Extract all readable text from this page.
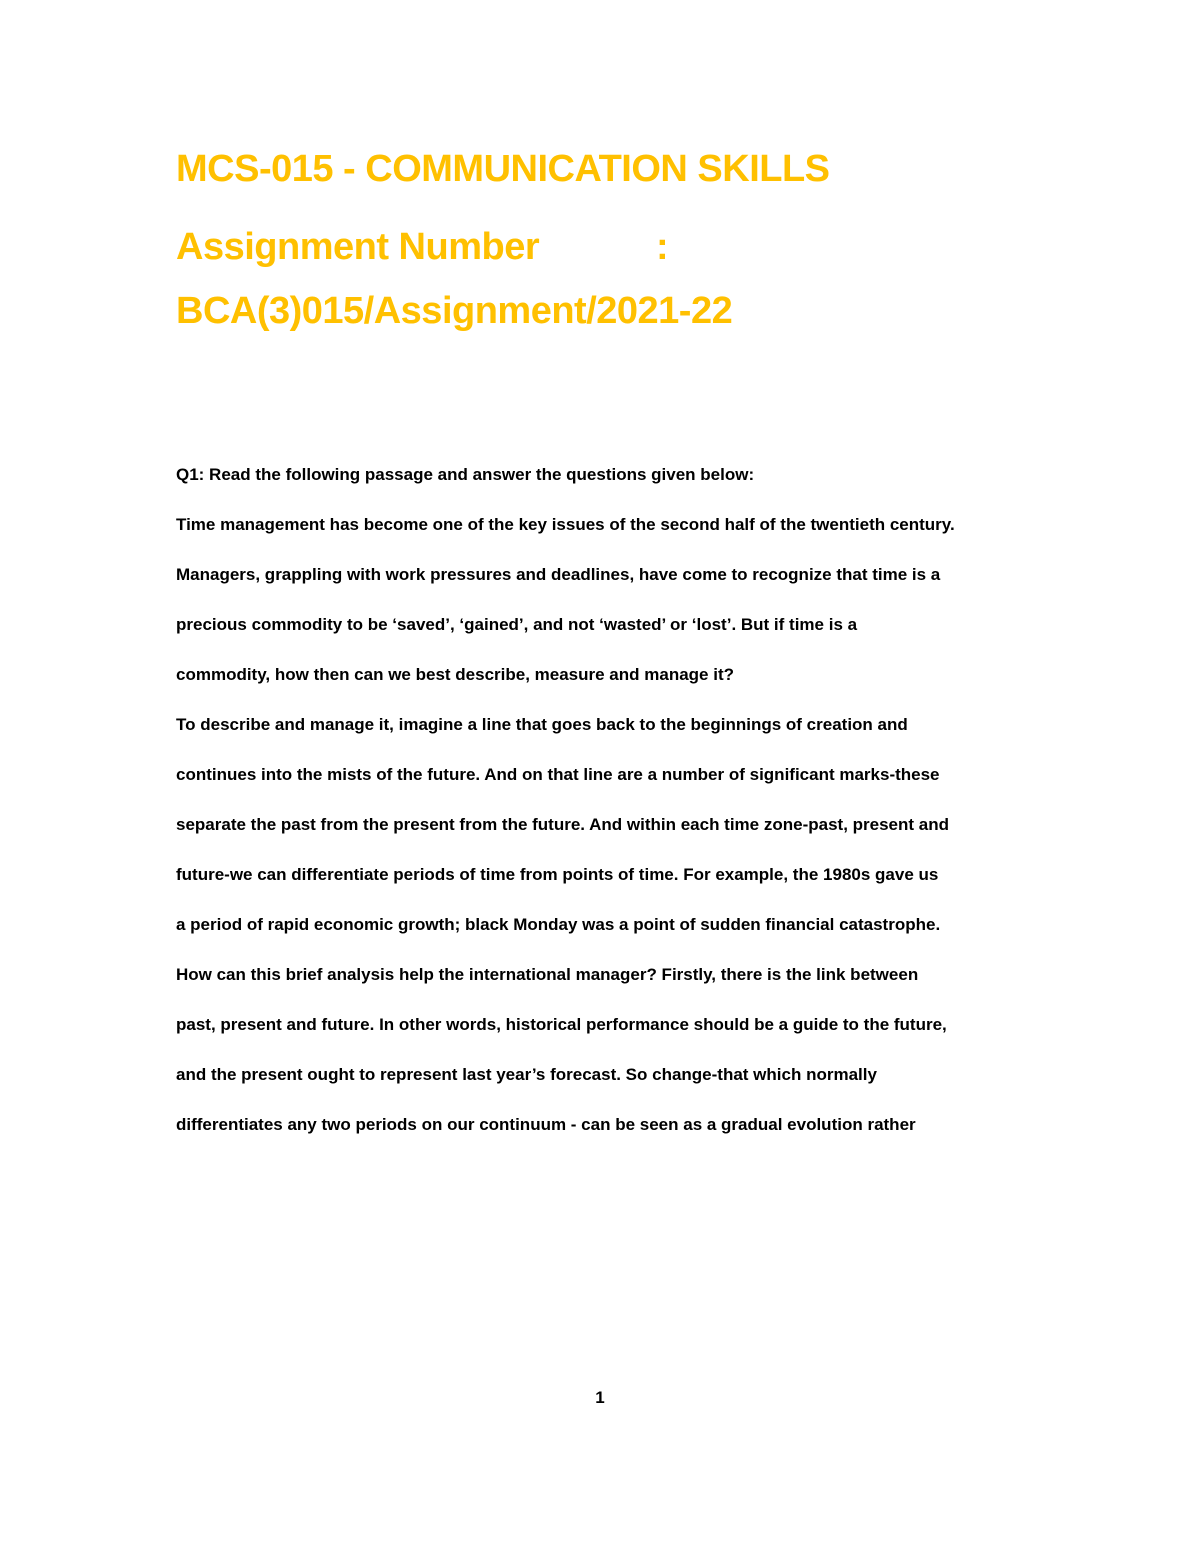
MCS-015 - COMMUNICATION SKILLS
Assignment Number	:
BCA(3)015/Assignment/2021-22

Q1: Read the following passage and answer the questions given below:

Time management has become one of the key issues of the second half of the twentieth century.

Managers, grappling with work pressures and deadlines, have come to recognize that time is a

precious commodity to be ‘saved’, ‘gained’, and not ‘wasted’ or ‘lost’. But if time is a

commodity, how then can we best describe, measure and manage it?

To describe and manage it, imagine a line that goes back to the beginnings of creation and

continues into the mists of the future. And on that line are a number of significant marks-these

separate the past from the present from the future. And within each time zone-past, present and

future-we can differentiate periods of time from points of time. For example, the 1980s gave us

a period of rapid economic growth; black Monday was a point of sudden financial catastrophe.

How can this brief analysis help the international manager? Firstly, there is the link between

past, present and future. In other words, historical performance should be a guide to the future,

and the present ought to represent last year’s forecast. So change-that which normally

differentiates any two periods on our continuum - can be seen as a gradual evolution rather

1
